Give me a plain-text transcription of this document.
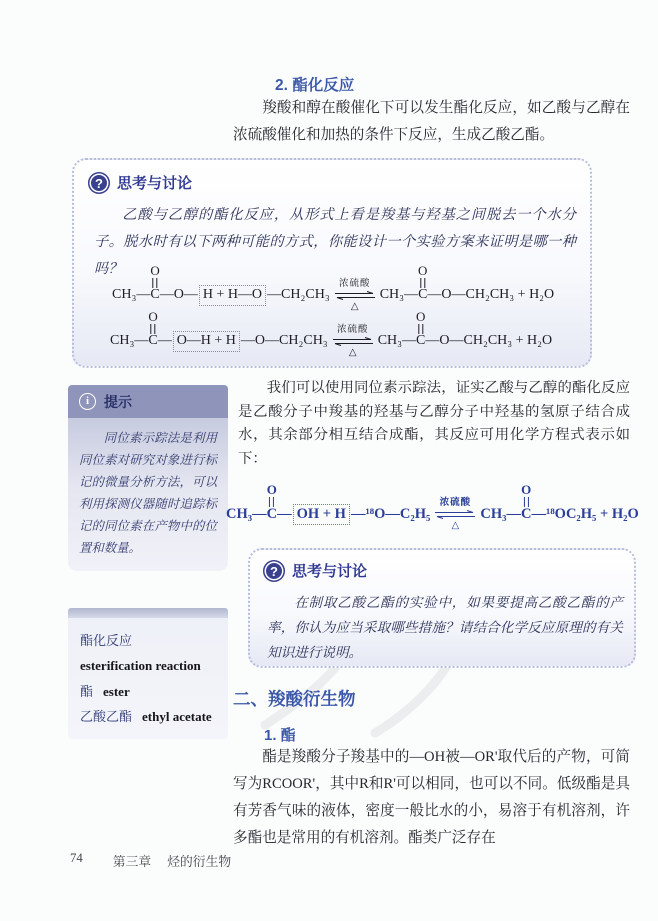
2. 酯化反应

羧酸和醇在酸催化下可以发生酯化反应，如乙酸与乙醇在浓硫酸催化和加热的条件下反应，生成乙酸乙酯。

? 思考与讨论

乙酸与乙醇的酯化反应，从形式上看是羧基与羟基之间脱去一个水分子。脱水时有以下两种可能的方式，你能设计一个实验方案来证明是哪一种吗？

CH₃—
O
C —O— H + H—O —CH₂CH₃
浓硫酸
△
CH₃—
O
C —O—CH₂CH₃ + H₂O
CH₃—
O
C — O—H + H —O—CH₂CH₃
浓硫酸
△
CH₃—
O
C —O—CH₂CH₃ + H₂O
i 提示

同位素示踪法是利用同位素对研究对象进行标记的微量分析方法，可以利用探测仪器随时追踪标记的同位素在产物中的位置和数量。

我们可以使用同位素示踪法，证实乙酸与乙醇的酯化反应是乙酸分子中羧基的羟基与乙醇分子中羟基的氢原子结合成水，其余部分相互结合成酯，其反应可用化学方程式表示如下：

CH₃—
O
C — OH + H —¹⁸O—C₂H₅
浓硫酸
△
CH₃—
O
C —¹⁸OC₂H₅ + H₂O
? 思考与讨论

在制取乙酸乙酯的实验中，如果要提高乙酸乙酯的产率，你认为应当采取哪些措施？请结合化学反应原理的有关知识进行说明。

酯化反应
esterification reaction
酯 ester
乙酸乙酯 ethyl acetate
二、羧酸衍生物
1. 酯

酯是羧酸分子羧基中的—OH被—OR'取代后的产物，可简写为RCOOR'，其中R和R'可以相同，也可以不同。低级酯是具有芳香气味的液体，密度一般比水的小，易溶于有机溶剂，许多酯也是常用的有机溶剂。酯类广泛存在

74 第三章 烃的衍生物
